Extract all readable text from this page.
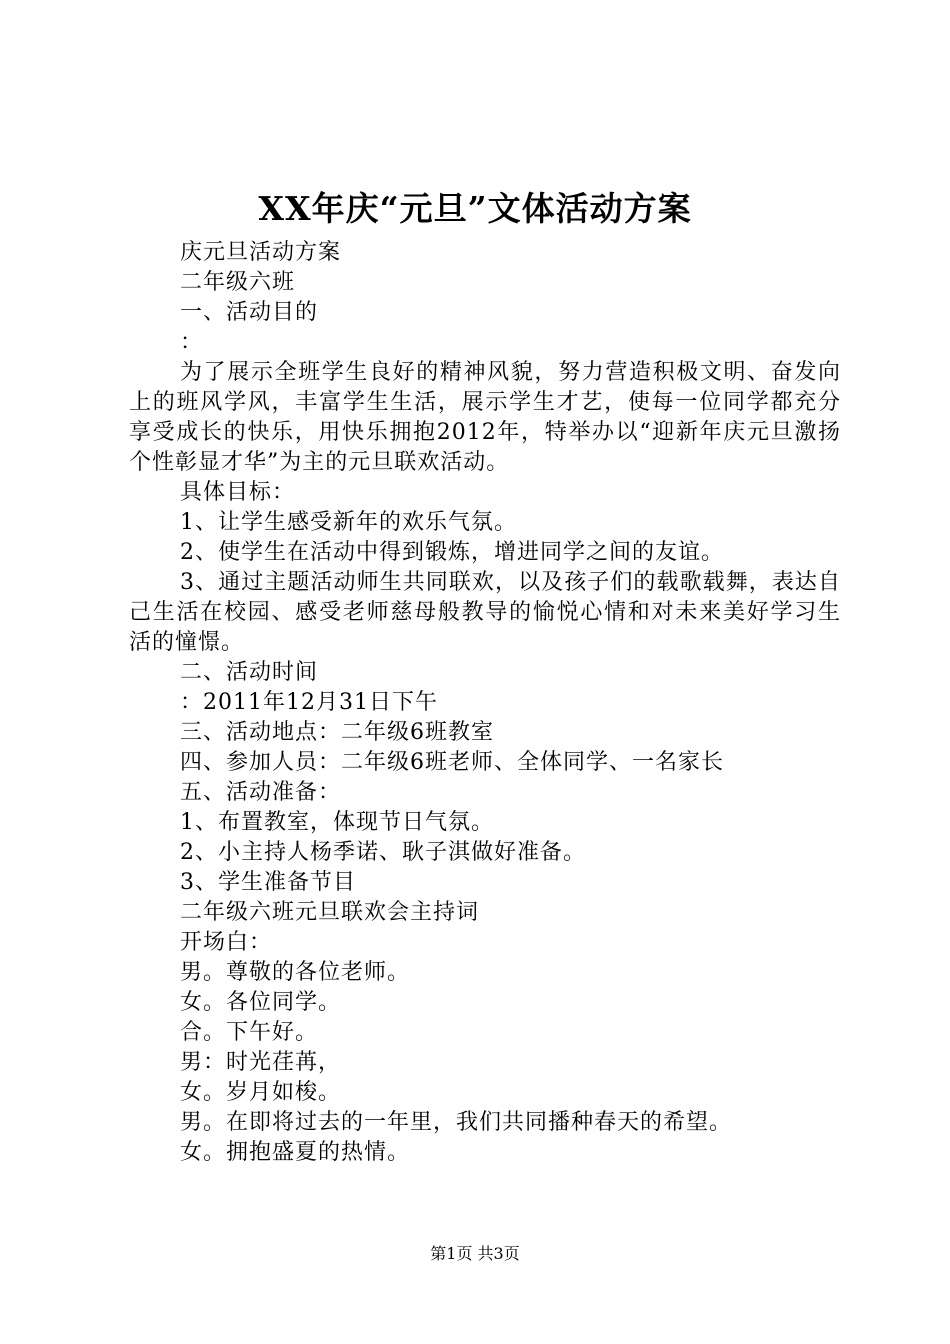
XX年庆“元旦”文体活动方案

庆元旦活动方案

二年级六班

一、活动目的

：

为了展示全班学生良好的精神风貌，努力营造积极文明、奋发向上的班风学风，丰富学生生活，展示学生才艺，使每一位同学都充分享受成长的快乐，用快乐拥抱2012年，特举办以“迎新年庆元旦激扬个性彰显才华”为主的元旦联欢活动。

具体目标：

1、让学生感受新年的欢乐气氛。

2、使学生在活动中得到锻炼，增进同学之间的友谊。

3、通过主题活动师生共同联欢，以及孩子们的载歌载舞，表达自己生活在校园、感受老师慈母般教导的愉悦心情和对未来美好学习生活的憧憬。

二、活动时间

：2011年12月31日下午

三、活动地点：二年级6班教室

四、参加人员：二年级6班老师、全体同学、一名家长

五、活动准备：

1、布置教室，体现节日气氛。

2、小主持人杨季诺、耿子淇做好准备。

3、学生准备节目

二年级六班元旦联欢会主持词

开场白：

男。尊敬的各位老师。

女。各位同学。

合。下午好。

男：时光荏苒，

女。岁月如梭。

男。在即将过去的一年里，我们共同播种春天的希望。

女。拥抱盛夏的热情。

第1页 共3页
